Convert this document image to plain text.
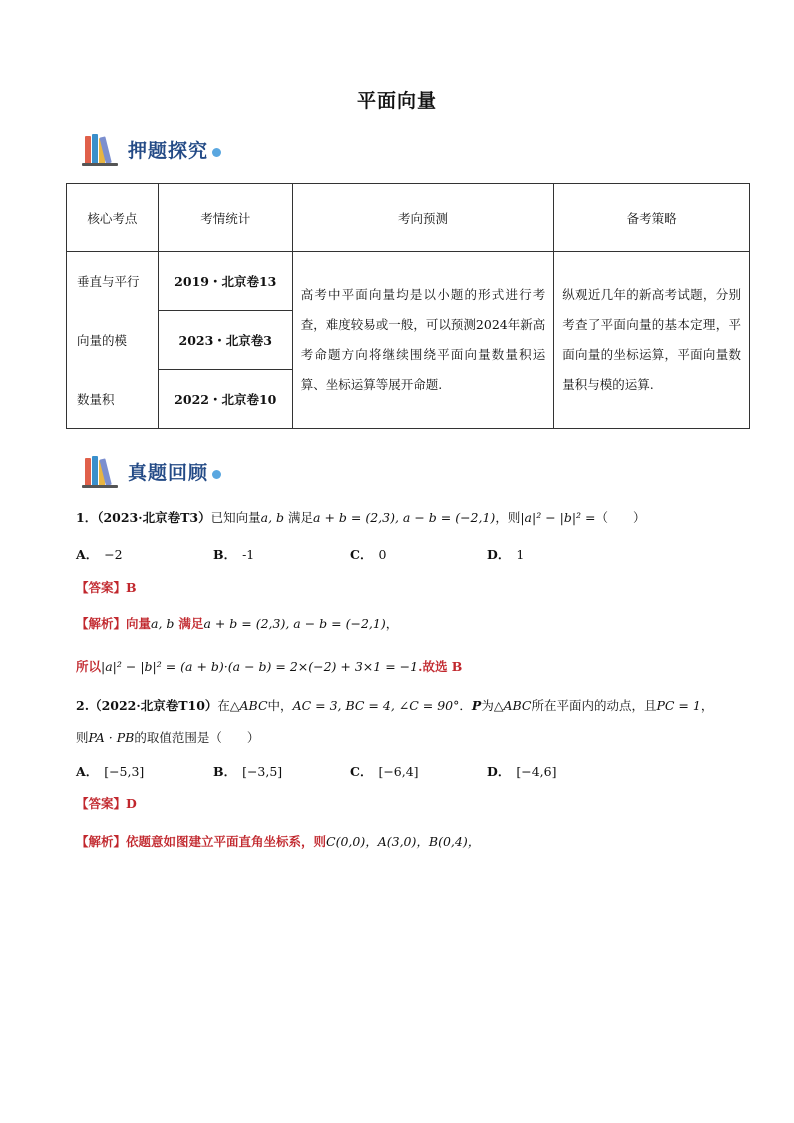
平面向量
押题探究
核心考点	考情统计	考向预测	备考策略
垂直与平行	2019・北京卷13	高考中平面向量均是以小题的形式进行考查，难度较易或一般，可以预测2024年新高考命题方向将继续围绕平面向量数量积运算、坐标运算等展开命题.	纵观近几年的新高考试题，分别考查了平面向量的基本定理，平面向量的坐标运算，平面向量数量积与模的运算.
向量的模	2023・北京卷3		
数量积	2022・北京卷10		
真题回顾
1．（2023·北京卷T3）已知向量a, b 满足a + b = (2,3), a − b = (−2,1)，则|a|² − |b|² =（　　）
A． −2	B． -1	C． 0	D． 1
【答案】B
【解析】向量a, b 满足a + b = (2,3), a − b = (−2,1)，
所以|a|² − |b|² = (a + b)·(a − b) = 2×(−2) + 3×1 = −1.故选 B
2.（2022·北京卷T10）在△ABC中，AC = 3, BC = 4, ∠C = 90°．P为△ABC所在平面内的动点，且PC = 1，
则PA · PB的取值范围是（　　）
A． [−5,3]	B． [−3,5]	C． [−6,4]	D． [−4,6]
【答案】D
【解析】依题意如图建立平面直角坐标系，则C(0,0)，A(3,0)，B(0,4)，
